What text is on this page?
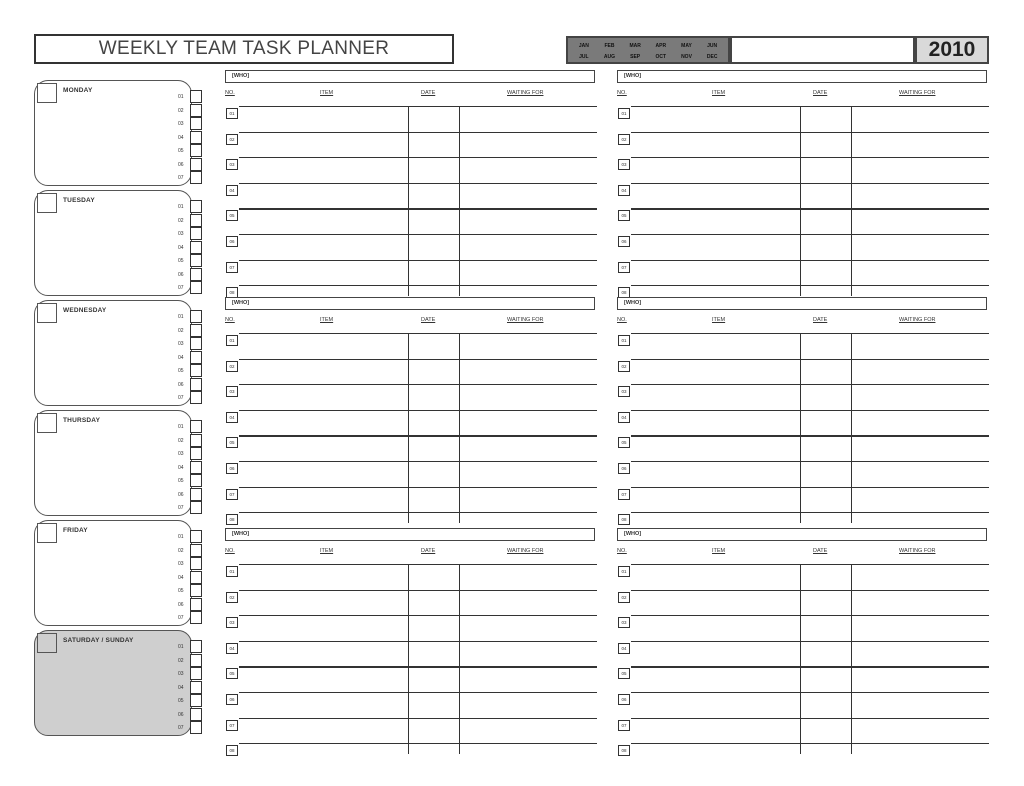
WEEKLY TEAM TASK PLANNER	JAN	FEB	MAR	APR	MAY	JUN
JUL	AUG	SEP	OCT	NOV	DEC	2010
MONDAY
01
02
03
04
05
06
07
TUESDAY
01
02
03
04
05
06
07
WEDNESDAY
01
02
03
04
05
06
07
THURSDAY
01
02
03
04
05
06
07
FRIDAY
01
02
03
04
05
06
07
SATURDAY / SUNDAY
01
02
03
04
05
06
07
[WHO]
NO.	ITEM	DATE	WAITING FOR
01
02
03
04
05
06
07
08
[WHO]
NO.	ITEM	DATE	WAITING FOR
01
02
03
04
05
06
07
08
[WHO]
NO.	ITEM	DATE	WAITING FOR
01
02
03
04
05
06
07
08
[WHO]
NO.	ITEM	DATE	WAITING FOR
01
02
03
04
05
06
07
08
[WHO]
NO.	ITEM	DATE	WAITING FOR
01
02
03
04
05
06
07
08
[WHO]
NO.	ITEM	DATE	WAITING FOR
01
02
03
04
05
06
07
08
